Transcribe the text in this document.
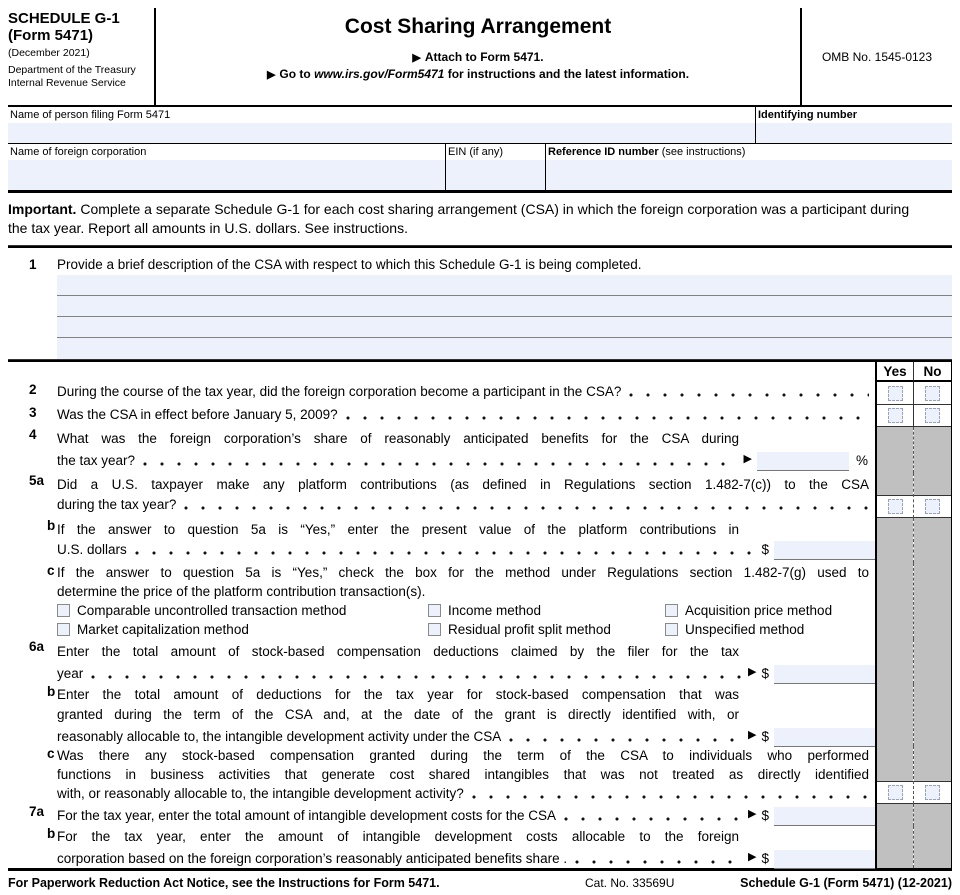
SCHEDULE G-1
(Form 5471)
(December 2021)
Department of the Treasury
Internal Revenue Service
Cost Sharing Arrangement
▶ Attach to Form 5471.
▶ Go to www.irs.gov/Form5471 for instructions and the latest information.
OMB No. 1545-0123
Name of person filing Form 5471	Identifying number
Name of foreign corporation	EIN (if any)	Reference ID number (see instructions)
Important. Complete a separate Schedule G-1 for each cost sharing arrangement (CSA) in which the foreign corporation was a participant during the tax year. Report all amounts in U.S. dollars. See instructions.
1	Provide a brief description of the CSA with respect to which this Schedule G-1 is being completed.
Yes	No
2	During the course of the tax year, did the foreign corporation become a participant in the CSA?
3	Was the CSA in effect before January 5, 2009?
4	What was the foreign corporation’s share of reasonably anticipated benefits for the CSA during
the tax year?	▶	%
5a Did a U.S. taxpayer make any platform contributions (as defined in Regulations section 1.482-7(c)) to the CSA
during the tax year?
b If the answer to question 5a is “Yes,” enter the present value of the platform contributions in
U.S. dollars	$
c If the answer to question 5a is “Yes,” check the box for the method under Regulations section 1.482-7(g) used to
determine the price of the platform contribution transaction(s).
Comparable uncontrolled transaction method	Income method	Acquisition price method
Market capitalization method	Residual profit split method	Unspecified method
6a Enter the total amount of stock-based compensation deductions claimed by the filer for the tax
year	▶ $
b Enter the total amount of deductions for the tax year for stock-based compensation that was
granted during the term of the CSA and, at the date of the grant is directly identified with, or
reasonably allocable to, the intangible development activity under the CSA	▶ $
c Was there any stock-based compensation granted during the term of the CSA to individuals who performed
functions in business activities that generate cost shared intangibles that was not treated as directly identified
with, or reasonably allocable to, the intangible development activity?
7a For the tax year, enter the total amount of intangible development costs for the CSA	▶ $
b For the tax year, enter the amount of intangible development costs allocable to the foreign
corporation based on the foreign corporation’s reasonably anticipated benefits share .	▶ $
For Paperwork Reduction Act Notice, see the Instructions for Form 5471.	Cat. No. 33569U	Schedule G-1 (Form 5471) (12-2021)
